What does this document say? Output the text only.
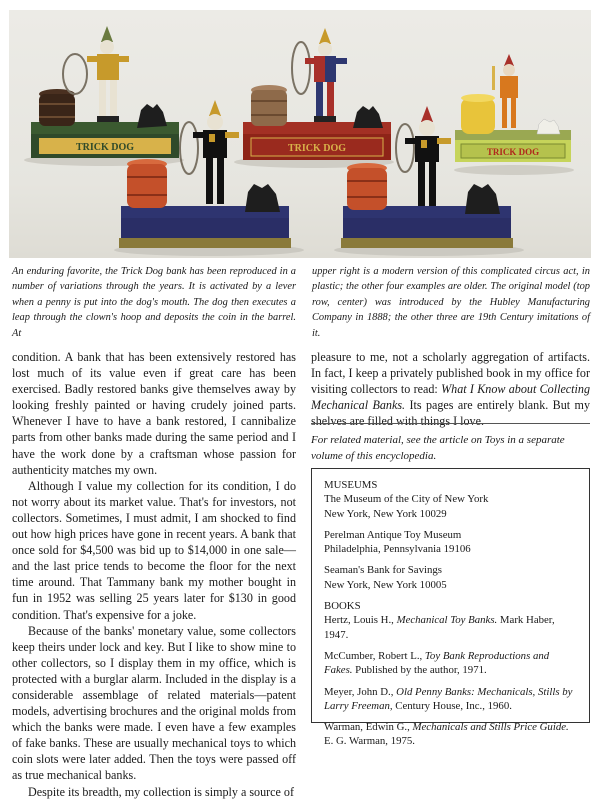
TRICK DOG	TRICK DOG	TRICK DOG

An enduring favorite, the Trick Dog bank has been reproduced in a number of variations through the years. It is activated by a lever when a penny is put into the dog's mouth. The dog then executes a leap through the clown's hoop and deposits the coin in the barrel. At

upper right is a modern version of this complicated circus act, in plastic; the other four examples are older. The original model (top row, center) was introduced by the Hubley Manufacturing Company in 1888; the other three are 19th Century imitations of it.

condition. A bank that has been extensively restored has lost much of its value even if great care has been exercised. Badly restored banks give themselves away by looking freshly painted or having crudely joined parts. Whenever I have to have a bank restored, I cannibalize parts from other banks made during the same period and I have the work done by a craftsman whose passion for authenticity matches my own.

Although I value my collection for its condition, I do not worry about its market value. That's for investors, not collectors. Sometimes, I must admit, I am shocked to find out how high prices have gone in recent years. A bank that once sold for $4,500 was bid up to $14,000 in one sale—and the last price tends to become the floor for the next time around. That Tammany bank my mother bought in fun in 1952 was selling 25 years later for $130 in good condition. That's expensive for a joke.

Because of the banks' monetary value, some collectors keep theirs under lock and key. But I like to show mine to other collectors, so I display them in my office, which is protected with a burglar alarm. Included in the display is a considerable assemblage of related materials—patent models, advertising brochures and the original molds from which the banks were made. I even have a few examples of fake banks. These are usually mechanical toys to which coin slots were later added. Then the toys were passed off as true mechanical banks.

Despite its breadth, my collection is simply a source of

pleasure to me, not a scholarly aggregation of artifacts. In fact, I keep a privately published book in my office for visiting collectors to read: What I Know about Collecting Mechanical Banks. Its pages are entirely blank. But my shelves are filled with things I love.

For related material, see the article on Toys in a separate volume of this encyclopedia.
MUSEUMS
The Museum of the City of New York
New York, New York 10029
Perelman Antique Toy Museum
Philadelphia, Pennsylvania 19106
Seaman's Bank for Savings
New York, New York 10005
BOOKS
Hertz, Louis H., Mechanical Toy Banks. Mark Haber, 1947.
McCumber, Robert L., Toy Bank Reproductions and Fakes. Published by the author, 1971.
Meyer, John D., Old Penny Banks: Mechanicals, Stills by Larry Freeman, Century House, Inc., 1960.
Warman, Edwin G., Mechanicals and Stills Price Guide. E. G. Warman, 1975.
